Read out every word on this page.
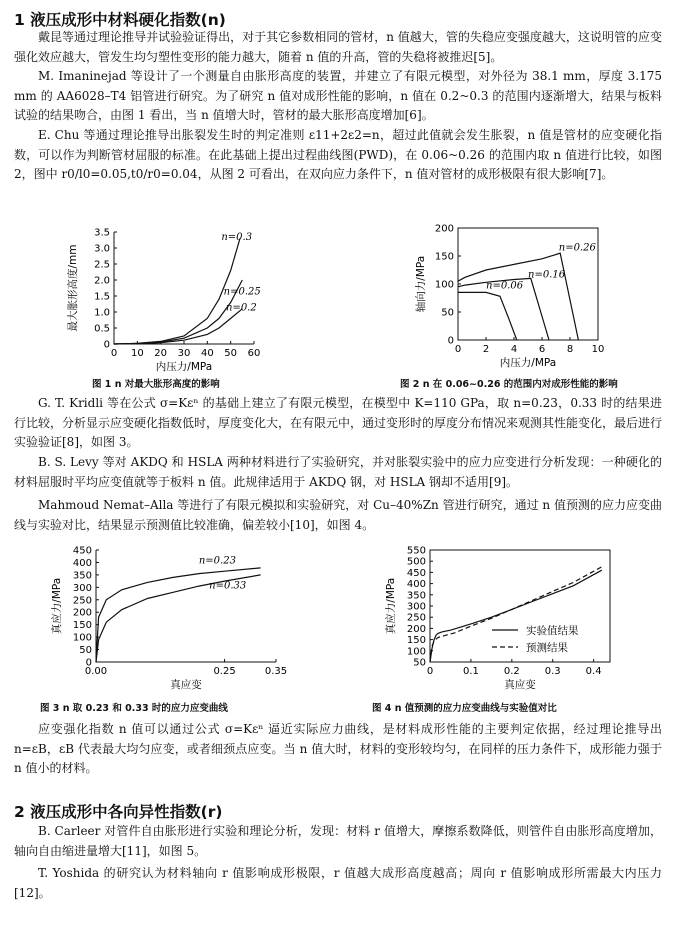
1 液压成形中材料硬化指数(n)

戴昆等通过理论推导并试验验证得出，对于其它参数相同的管材，n 值越大，管的失稳应变强度越大，这说明管的应变强化效应越大，管发生均匀塑性变形的能力越大，随着 n 值的升高，管的失稳将被推迟[5]。

M. Imaninejad 等设计了一个测量自由胀形高度的装置，并建立了有限元模型，对外径为 38.1 mm，厚度 3.175 mm 的 AA6028–T4 铝管进行研究。为了研究 n 值对成形性能的影响，n 值在 0.2~0.3 的范围内逐渐增大，结果与板料试验的结果吻合，由图 1 看出，当 n 值增大时，管材的最大胀形高度增加[6]。

E. Chu 等通过理论推导出胀裂发生时的判定准则 ε11+2ε2=n，超过此值就会发生胀裂，n 值是管材的应变硬化指数，可以作为判断管材屈服的标准。在此基础上提出过程曲线图(PWD)，在 0.06~0.26 的范围内取 n 值进行比较，如图 2，图中 r0/l0=0.05,t0/r0=0.04，从图 2 可看出，在双向应力条件下，n 值对管材的成形极限有很大影响[7]。

0 10 20 30 40 50 60
0
0.5
1.0
1.5
2.0
2.5
3.0
3.5
内压力/MPa
最大胀形高度/mm
n=0.3
n=0.25
n=0.2
图 1 n 对最大胀形高度的影响
0 2 4 6 8 10
0
50
100
150
200
内压力/MPa
轴向力/MPa
n=0.26
n=0.16
n=0.06
图 2 n 在 0.06~0.26 的范围内对成形性能的影响

G. T. Kridli 等在公式 σ=Kεⁿ 的基础上建立了有限元模型，在模型中 K=110 GPa，取 n=0.23，0.33 时的结果进行比较，分析显示应变硬化指数低时，厚度变化大，在有限元中，通过变形时的厚度分布情况来观测其性能变化，最后进行实验验证[8]，如图 3。

B. S. Levy 等对 AKDQ 和 HSLA 两种材料进行了实验研究，并对胀裂实验中的应力应变进行分析发现：一种硬化的材料屈服时平均应变值就等于板料 n 值。此规律适用于 AKDQ 钢，对 HSLA 钢却不适用[9]。

Mahmoud Nemat–Alla 等进行了有限元模拟和实验研究，对 Cu–40%Zn 管进行研究，通过 n 值预测的应力应变曲线与实验对比，结果显示预测值比较准确，偏差较小[10]，如图 4。

0.00	0.25	0.35
0
50
100
150
200
250
300
350
400
450
真应变
真应力/MPa
n=0.23
n=0.33
图 3 n 取 0.23 和 0.33 时的应力应变曲线
0	0.1	0.2	0.3	0.4
50
100
150
200
250
300
350
400
450
500
550
真应变
真应力/MPa	实验值结果
预测结果
图 4 n 值预测的应力应变曲线与实验值对比

应变强化指数 n 值可以通过公式 σ=Kεⁿ 逼近实际应力曲线，是材料成形性能的主要判定依据，经过理论推导出 n=εB，εB 代表最大均匀应变，或者细颈点应变。当 n 值大时，材料的变形较均匀，在同样的压力条件下，成形能力强于 n 值小的材料。

2 液压成形中各向异性指数(r)

B. Carleer 对管件自由胀形进行实验和理论分析，发现：材料 r 值增大，摩擦系数降低，则管件自由胀形高度增加，轴向自由缩进量增大[11]，如图 5。

T. Yoshida 的研究认为材料轴向 r 值影响成形极限，r 值越大成形高度越高；周向 r 值影响成形所需最大内压力[12]。
